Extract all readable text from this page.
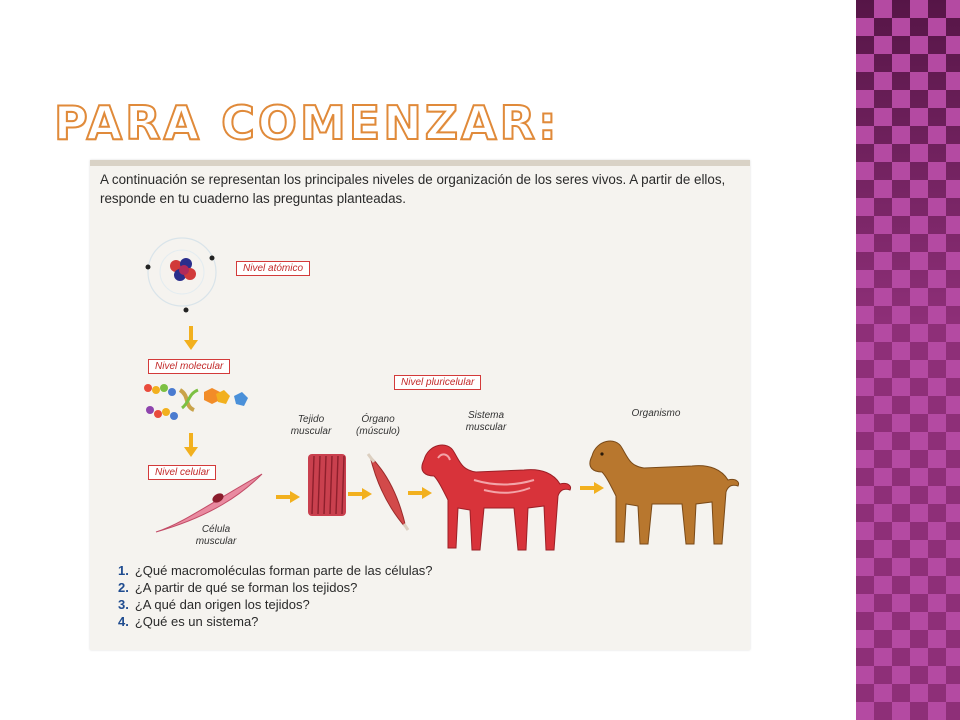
PARA COMENZAR:
A continuación se representan los principales niveles de organización de los seres vivos. A partir de ellos, responde en tu cuaderno las preguntas planteadas.
Nivel atómico
Nivel molecular
Nivel celular
Célula muscular
Nivel pluricelular
Tejido muscular
Órgano (músculo)
Sistema muscular
Organismo
1. ¿Qué macromoléculas forman parte de las células?
2. ¿A partir de qué se forman los tejidos?
3. ¿A qué dan origen los tejidos?
4. ¿Qué es un sistema?
